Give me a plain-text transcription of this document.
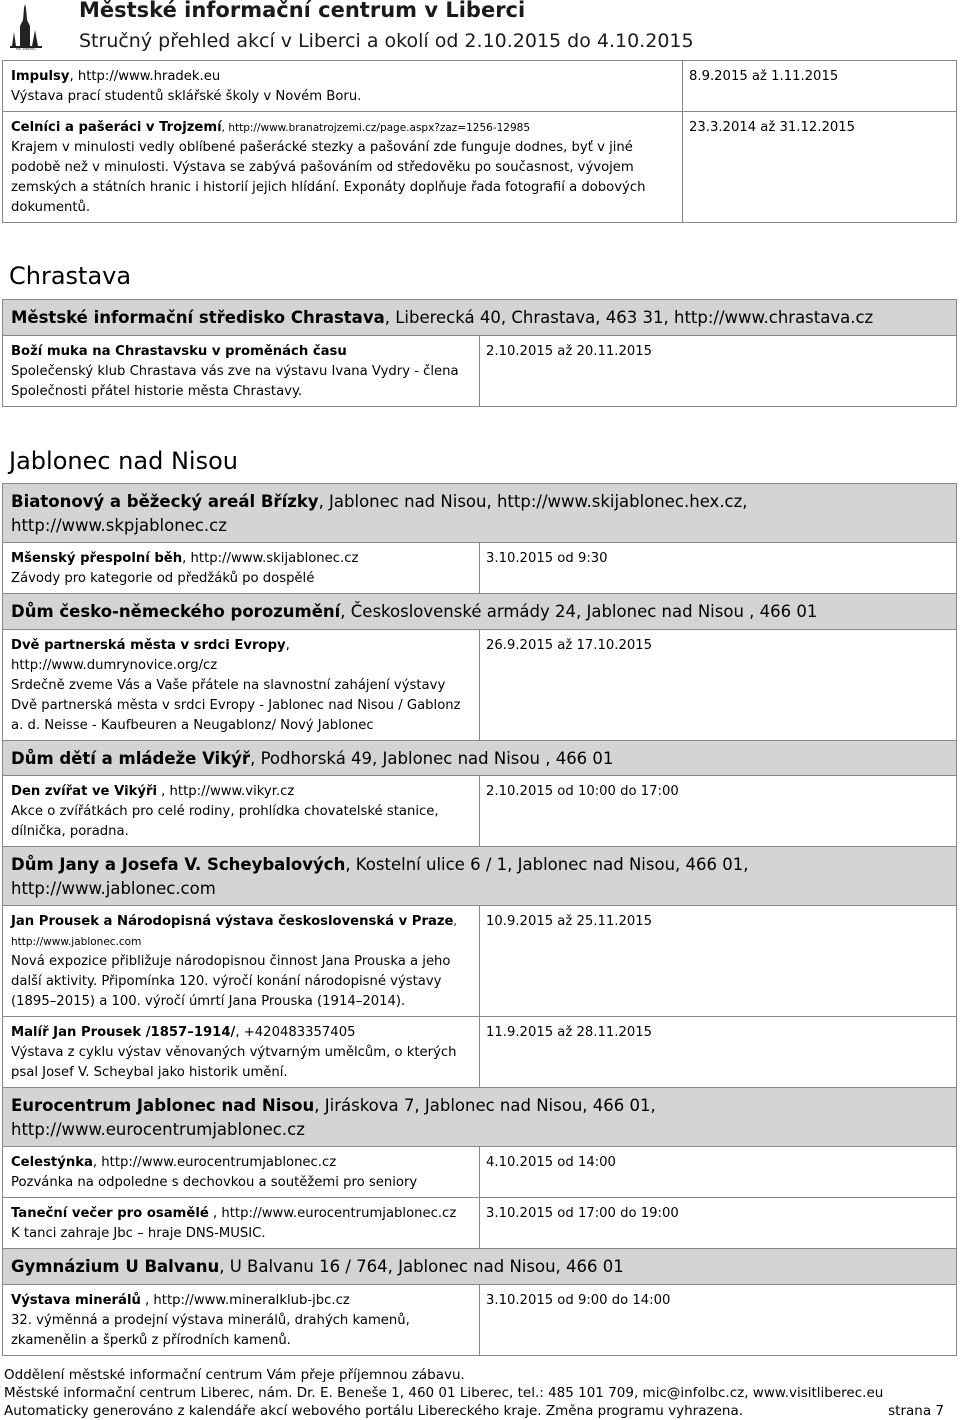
MIC LIBEREC
Městské informační centrum v Liberci
Stručný přehled akcí v Liberci a okolí od 2.10.2015 do 4.10.2015
Impulsy, http://www.hradek.eu
Výstava prací studentů sklářské školy v Novém Boru.	8.9.2015 až 1.11.2015
Celníci a pašeráci v Trojzemí, http://www.branatrojzemi.cz/page.aspx?zaz=1256-12985
Krajem v minulosti vedly oblíbené pašerácké stezky a pašování zde funguje dodnes, byť v jiné podobě než v minulosti. Výstava se zabývá pašováním od středověku po současnost, vývojem zemských a státních hranic i historií jejich hlídání. Exponáty doplňuje řada fotografií a dobových dokumentů.	23.3.2014 až 31.12.2015
Chrastava
Městské informační středisko Chrastava, Liberecká 40, Chrastava, 463 31, http://www.chrastava.cz
Boží muka na Chrastavsku v proměnách času
Společenský klub Chrastava vás zve na výstavu Ivana Vydry - člena Společnosti přátel historie města Chrastavy.	2.10.2015 až 20.11.2015
Jablonec nad Nisou
Biatonový a běžecký areál Břízky, Jablonec nad Nisou, http://www.skijablonec.hex.cz, http://www.skpjablonec.cz	
Mšenský přespolní běh, http://www.skijablonec.cz
Závody pro kategorie od předžáků po dospělé	3.10.2015 od 9:30
Dům česko-německého porozumění, Československé armády 24, Jablonec nad Nisou , 466 01	
Dvě partnerská města v srdci Evropy, http://www.dumrynovice.org/cz
Srdečně zveme Vás a Vaše přátele na slavnostní zahájení výstavy Dvě partnerská města v srdci Evropy - Jablonec nad Nisou / Gablonz a. d. Neisse - Kaufbeuren a Neugablonz/ Nový Jablonec	26.9.2015 až 17.10.2015
Dům dětí a mládeže Vikýř, Podhorská 49, Jablonec nad Nisou , 466 01	
Den zvířat ve Vikýři , http://www.vikyr.cz
Akce o zvířátkách pro celé rodiny, prohlídka chovatelské stanice, dílnička, poradna.	2.10.2015 od 10:00 do 17:00
Dům Jany a Josefa V. Scheybalových, Kostelní ulice 6 / 1, Jablonec nad Nisou, 466 01, http://www.jablonec.com	
Jan Prousek a Národopisná výstava československá v Praze, http://www.jablonec.com
Nová expozice přibližuje národopisnou činnost Jana Prouska a jeho další aktivity. Připomínka 120. výročí konání národopisné výstavy (1895–2015) a 100. výročí úmrtí Jana Prouska (1914–2014).	10.9.2015 až 25.11.2015
Malíř Jan Prousek /1857–1914/, +420483357405
Výstava z cyklu výstav věnovaných výtvarným umělcům, o kterých psal Josef V. Scheybal jako historik umění.	11.9.2015 až 28.11.2015
Eurocentrum Jablonec nad Nisou, Jiráskova 7, Jablonec nad Nisou, 466 01, http://www.eurocentrumjablonec.cz	
Celestýnka, http://www.eurocentrumjablonec.cz
Pozvánka na odpoledne s dechovkou a soutěžemi pro seniory	4.10.2015 od 14:00
Taneční večer pro osamělé , http://www.eurocentrumjablonec.cz
K tanci zahraje Jbc – hraje DNS-MUSIC.	3.10.2015 od 17:00 do 19:00
Gymnázium U Balvanu, U Balvanu 16 / 764, Jablonec nad Nisou, 466 01	
Výstava minerálů , http://www.mineralklub-jbc.cz
32. výměnná a prodejní výstava minerálů, drahých kamenů, zkamenělin a šperků z přírodních kamenů.	3.10.2015 od 9:00 do 14:00
Oddělení městské informační centrum Vám přeje příjemnou zábavu.
Městské informační centrum Liberec, nám. Dr. E. Beneše 1, 460 01 Liberec, tel.: 485 101 709, mic@infolbc.cz, www.visitliberec.eu
Automaticky generováno z kalendáře akcí webového portálu Libereckého kraje. Změna programu vyhrazena.	strana 7
